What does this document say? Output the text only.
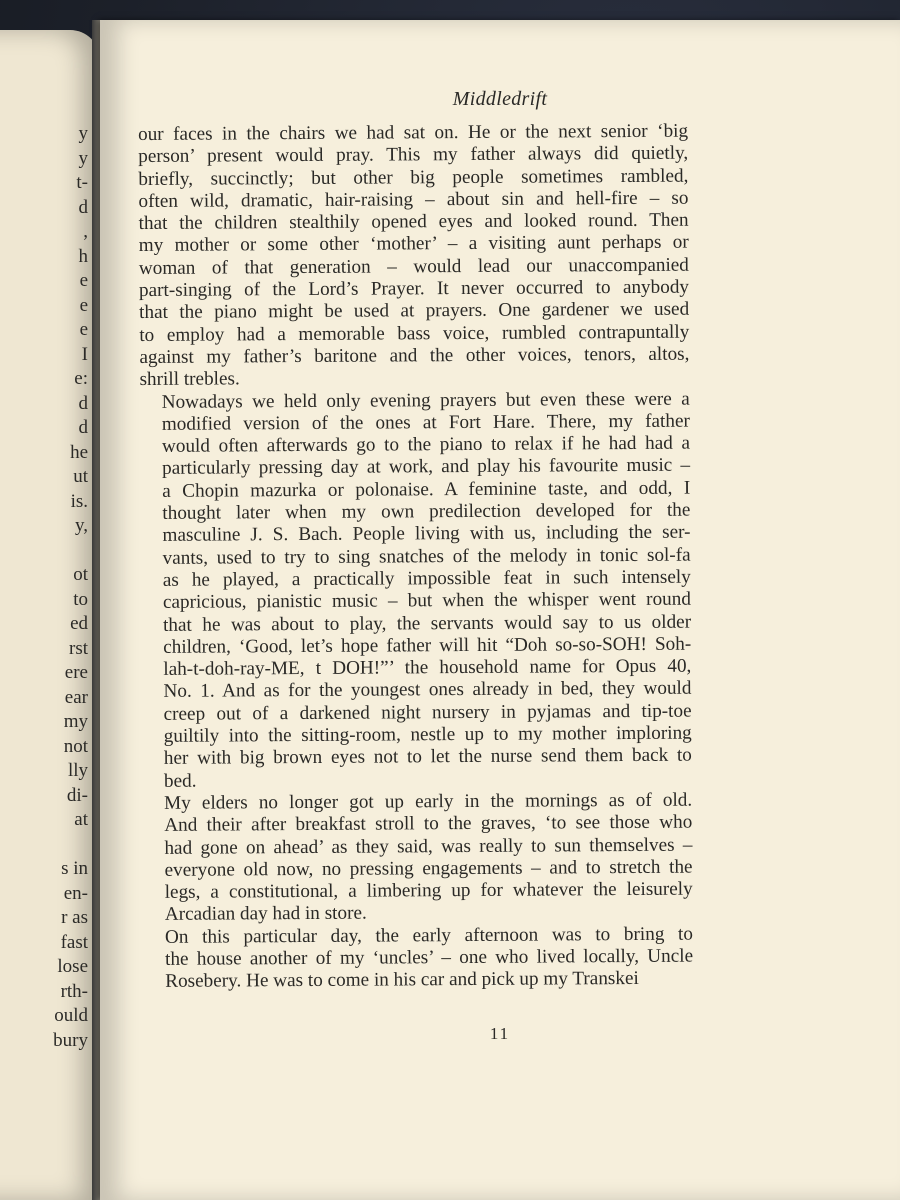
y
y
t-
d
,
h
e
e
e
I
e:
d
d
he
ut
is.
y,
ot
to
ed
rst
ere
ear
my
not
lly
di-
at
s in
en-
r as
fast
lose
rth-
ould
bury
Middledrift

our faces in the chairs we had sat on. He or the next senior ‘big
person’ present would pray. This my father always did quietly,
briefly, succinctly; but other big people sometimes rambled,
often wild, dramatic, hair-raising – about sin and hell-fire – so
that the children stealthily opened eyes and looked round. Then
my mother or some other ‘mother’ – a visiting aunt perhaps or
woman of that generation – would lead our unaccompanied
part-singing of the Lord’s Prayer. It never occurred to anybody
that the piano might be used at prayers. One gardener we used
to employ had a memorable bass voice, rumbled contrapuntally
against my father’s baritone and the other voices, tenors, altos,
shrill trebles.

Nowadays we held only evening prayers but even these were a
modified version of the ones at Fort Hare. There, my father
would often afterwards go to the piano to relax if he had had a
particularly pressing day at work, and play his favourite music –
a Chopin mazurka or polonaise. A feminine taste, and odd, I
thought later when my own predilection developed for the
masculine J. S. Bach. People living with us, including the ser-
vants, used to try to sing snatches of the melody in tonic sol-fa
as he played, a practically impossible feat in such intensely
capricious, pianistic music – but when the whisper went round
that he was about to play, the servants would say to us older
children, ‘Good, let’s hope father will hit “Doh so-so-SOH! Soh-
lah-t-doh-ray-ME, t DOH!”’ the household name for Opus 40,
No. 1. And as for the youngest ones already in bed, they would
creep out of a darkened night nursery in pyjamas and tip-toe
guiltily into the sitting-room, nestle up to my mother imploring
her with big brown eyes not to let the nurse send them back to
bed.

My elders no longer got up early in the mornings as of old.
And their after breakfast stroll to the graves, ‘to see those who
had gone on ahead’ as they said, was really to sun themselves –
everyone old now, no pressing engagements – and to stretch the
legs, a constitutional, a limbering up for whatever the leisurely
Arcadian day had in store.

On this particular day, the early afternoon was to bring to
the house another of my ‘uncles’ – one who lived locally, Uncle
Rosebery. He was to come in his car and pick up my Transkei

11
